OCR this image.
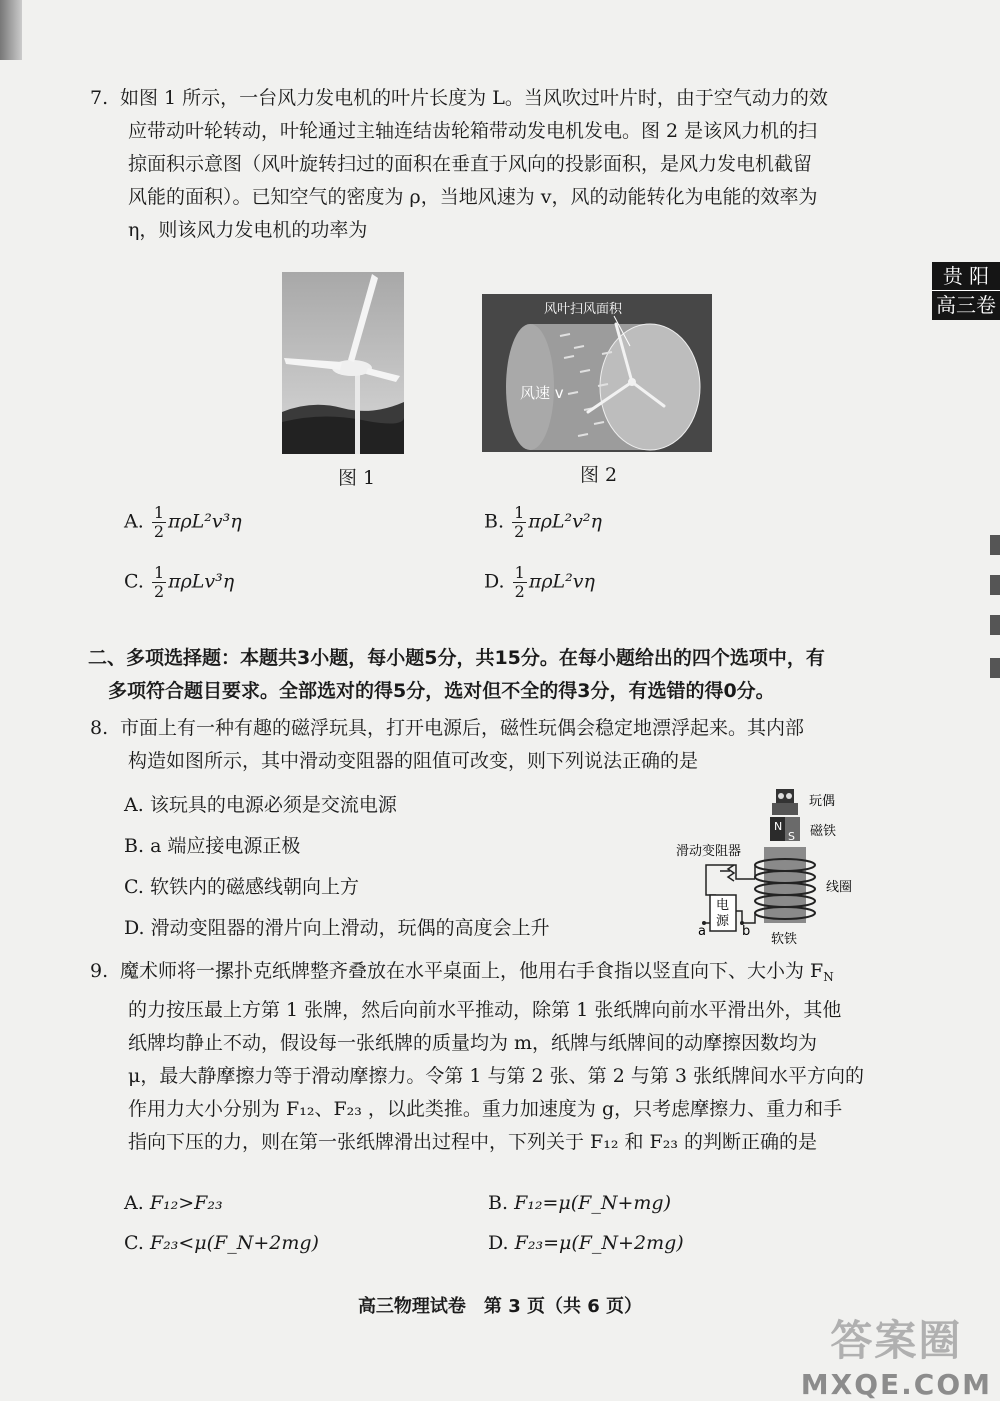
贵 阳
高三卷
7. 如图 1 所示，一台风力发电机的叶片长度为 L。当风吹过叶片时，由于空气动力的效
应带动叶轮转动，叶轮通过主轴连结齿轮箱带动发电机发电。图 2 是该风力机的扫
掠面积示意图（风叶旋转扫过的面积在垂直于风向的投影面积，是风力发电机截留
风能的面积）。已知空气的密度为 ρ，当地风速为 v，风的动能转化为电能的效率为
η，则该风力发电机的功率为
图 1
风叶扫风面积
风速 v
图 2
A. $\frac{1}{2} \pi\rho L^2v^3\eta$	B. $\frac{1}{2} \pi\rho L^2v^2\eta$
C. $\frac{1}{2} \pi\rho Lv^3\eta$	D. $\frac{1}{2} \pi\rho L^2v\eta$
二、多项选择题：本题共3小题，每小题5分，共15分。在每小题给出的四个选项中，有
多项符合题目要求。全部选对的得5分，选对但不全的得3分，有选错的得0分。
8. 市面上有一种有趣的磁浮玩具，打开电源后，磁性玩偶会稳定地漂浮起来。其内部
构造如图所示，其中滑动变阻器的阻值可改变，则下列说法正确的是
A. 该玩具的电源必须是交流电源
B. a 端应接电源正极
C. 软铁内的磁感线朝向上方
D. 滑动变阻器的滑片向上滑动，玩偶的高度会上升
玩偶
N
S 磁铁
滑动变阻器
线圈
电
源
a	b
软铁
9. 魔术师将一摞扑克纸牌整齐叠放在水平桌面上，他用右手食指以竖直向下、大小为 $F_N$
的力按压最上方第 1 张牌，然后向前水平推动，除第 1 张纸牌向前水平滑出外，其他
纸牌均静止不动，假设每一张纸牌的质量均为 m，纸牌与纸牌间的动摩擦因数均为
μ，最大静摩擦力等于滑动摩擦力。令第 1 与第 2 张、第 2 与第 3 张纸牌间水平方向的
作用力大小分别为 F₁₂、F₂₃ ，以此类推。重力加速度为 g，只考虑摩擦力、重力和手
指向下压的力，则在第一张纸牌滑出过程中，下列关于 F₁₂ 和 F₂₃ 的判断正确的是
A. F₁₂>F₂₃	B. F₁₂=μ(F_N+mg)
C. F₂₃<μ(F_N+2mg)	D. F₂₃=μ(F_N+2mg)
高三物理试卷　第 3 页（共 6 页）
答案圈
MXQE.COM
